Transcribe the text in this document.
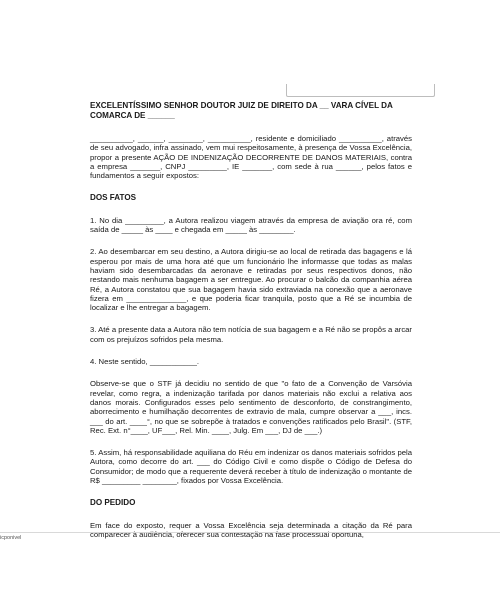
EXCELENTÍSSIMO SENHOR DOUTOR JUIZ DE DIREITO DA __ VARA CÍVEL DA COMARCA DE ______

__________, ______, ________, __________, residente e domiciliado __________, através de seu advogado, infra assinado, vem mui respeitosamente, à presença de Vossa Excelência, propor a presente AÇÃO DE INDENIZAÇÃO DECORRENTE DE DANOS MATERIAIS, contra a empresa _______, CNPJ _________, IE _______, com sede à rua ______, pelos fatos e fundamentos a seguir expostos:

DOS FATOS

1. No dia _________, a Autora realizou viagem através da empresa de aviação ora ré, com saída de _____ às ____ e chegada em _____ às ________.

2. Ao desembarcar em seu destino, a Autora dirigiu-se ao local de retirada das bagagens e lá esperou por mais de uma hora até que um funcionário lhe informasse que todas as malas haviam sido desembarcadas da aeronave e retiradas por seus respectivos donos, não restando mais nenhuma bagagem a ser entregue. Ao procurar o balcão da companhia aérea Ré, a Autora constatou que sua bagagem havia sido extraviada na conexão que a aeronave fizera em ______________, e que poderia ficar tranquila, posto que a Ré se incumbia de localizar e lhe entregar a bagagem.

3. Até a presente data a Autora não tem notícia de sua bagagem e a Ré não se propôs a arcar com os prejuízos sofridos pela mesma.

4. Neste sentido, ___________.

Observe-se que o STF já decidiu no sentido de que "o fato de a Convenção de Varsóvia revelar, como regra, a indenização tarifada por danos materiais não exclui a relativa aos danos morais. Configurados esses pelo sentimento de desconforto, de constrangimento, aborrecimento e humilhação decorrentes de extravio de mala, cumpre observar a ___, incs. ___ do art. ____°, no que se sobrepõe à tratados e convenções ratificados pelo Brasil". (STF, Rec. Ext. n°____, UF___, Rel. Min. ____, Julg. Em ___, DJ de ___.)

5. Assim, há responsabilidade aquiliana do Réu em indenizar os danos materiais sofridos pela Autora, como decorre do art. ___ do Código Civil e como dispõe o Código de Defesa do Consumidor; de modo que a requerente deverá receber à título de indenização o montante de R$ _________ ________, fixados por Vossa Excelência.

DO PEDIDO

Em face do exposto, requer a Vossa Excelência seja determinada a citação da Ré para comparecer à audiência, oferecer sua contestação na fase processual oportuna,

icponivel
